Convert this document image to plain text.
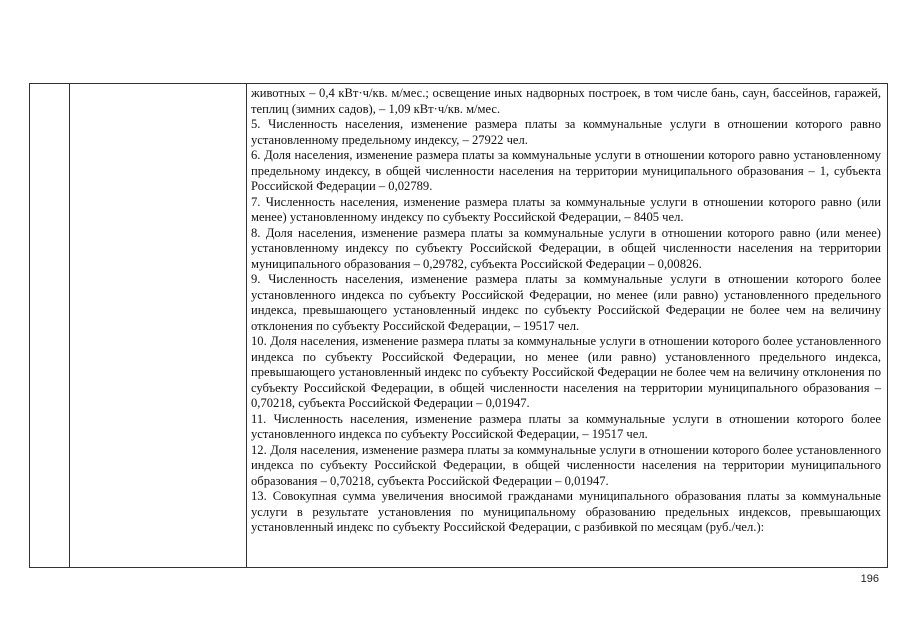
животных – 0,4 кВт·ч/кв. м/мес.; освещение иных надворных построек, в том числе бань, саун, бассейнов, гаражей, теплиц (зимних садов), – 1,09 кВт·ч/кв. м/мес.

5. Численность населения, изменение размера платы за коммунальные услуги в отношении которого равно установленному предельному индексу, – 27922 чел.

6. Доля населения, изменение размера платы за коммунальные услуги в отношении которого равно установленному предельному индексу, в общей численности населения на территории муниципального образования – 1, субъекта Российской Федерации – 0,02789.

7. Численность населения, изменение размера платы за коммунальные услуги в отношении которого равно (или менее) установленному индексу по субъекту Российской Федерации, – 8405 чел.

8. Доля населения, изменение размера платы за коммунальные услуги в отношении которого равно (или менее) установленному индексу по субъекту Российской Федерации, в общей численности населения на территории муниципального образования – 0,29782, субъекта Российской Федерации – 0,00826.

9. Численность населения, изменение размера платы за коммунальные услуги в отношении которого более установленного индекса по субъекту Российской Федерации, но менее (или равно) установленного предельного индекса, превышающего установленный индекс по субъекту Российской Федерации не более чем на величину отклонения по субъекту Российской Федерации, – 19517 чел.

10. Доля населения, изменение размера платы за коммунальные услуги в отношении которого более установленного индекса по субъекту Российской Федерации, но менее (или равно) установленного предельного индекса, превышающего установленный индекс по субъекту Российской Федерации не более чем на величину отклонения по субъекту Российской Федерации, в общей численности населения на территории муниципального образования – 0,70218, субъекта Российской Федерации – 0,01947.

11. Численность населения, изменение размера платы за коммунальные услуги в отношении которого более установленного индекса по субъекту Российской Федерации, – 19517 чел.

12. Доля населения, изменение размера платы за коммунальные услуги в отношении которого более установленного индекса по субъекту Российской Федерации, в общей численности населения на территории муниципального образования – 0,70218, субъекта Российской Федерации – 0,01947.

13. Совокупная сумма увеличения вносимой гражданами муниципального образования платы за коммунальные услуги в результате установления по муниципальному образованию предельных индексов, превышающих установленный индекс по субъекту Российской Федерации, с разбивкой по месяцам (руб./чел.):

196
